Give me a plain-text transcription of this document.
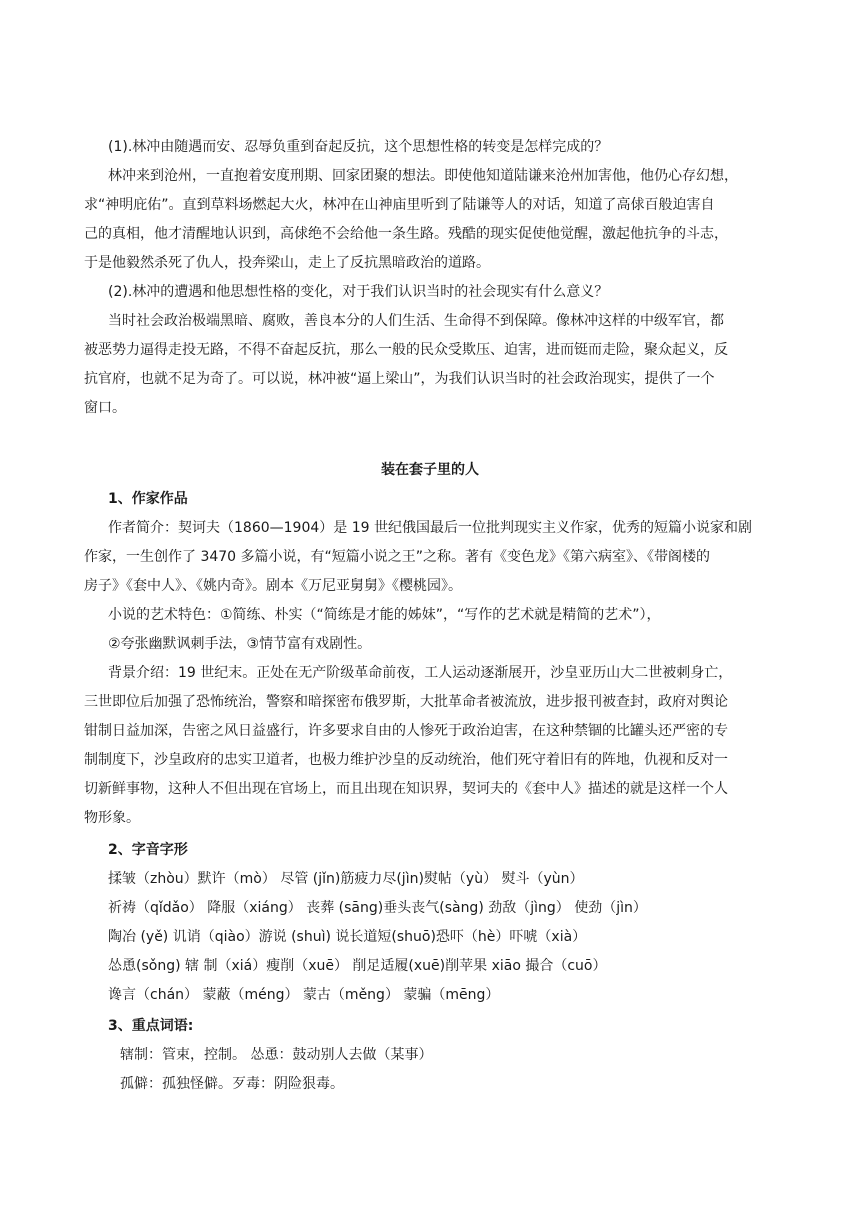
(1).林冲由随遇而安、忍辱负重到奋起反抗，这个思想性格的转变是怎样完成的？
林冲来到沧州，一直抱着安度刑期、回家团聚的想法。即使他知道陆谦来沧州加害他，他仍心存幻想，
求“神明庇佑”。直到草料场燃起大火，林冲在山神庙里听到了陆谦等人的对话，知道了高俅百般迫害自
己的真相，他才清醒地认识到，高俅绝不会给他一条生路。残酷的现实促使他觉醒，激起他抗争的斗志，
于是他毅然杀死了仇人，投奔梁山，走上了反抗黑暗政治的道路。
(2).林冲的遭遇和他思想性格的变化，对于我们认识当时的社会现实有什么意义？
当时社会政治极端黑暗、腐败，善良本分的人们生活、生命得不到保障。像林冲这样的中级军官，都
被恶势力逼得走投无路，不得不奋起反抗，那么一般的民众受欺压、迫害，进而铤而走险，聚众起义，反
抗官府，也就不足为奇了。可以说，林冲被“逼上梁山”，为我们认识当时的社会政治现实，提供了一个
窗口。
装在套子里的人
1、作家作品
作者简介：契诃夫（1860—1904）是 19 世纪俄国最后一位批判现实主义作家，优秀的短篇小说家和剧
作家，一生创作了 3470 多篇小说，有“短篇小说之王”之称。著有《变色龙》《第六病室》、《带阁楼的
房子》《套中人》、《姚内奇》。剧本《万尼亚舅舅》《樱桃园》。
小说的艺术特色：①简练、朴实（“简练是才能的姊妹”，“写作的艺术就是精简的艺术”），
②夸张幽默讽刺手法，③情节富有戏剧性。
背景介绍：19 世纪末。正处在无产阶级革命前夜，工人运动逐渐展开，沙皇亚历山大二世被刺身亡，
三世即位后加强了恐怖统治，警察和暗探密布俄罗斯，大批革命者被流放，进步报刊被查封，政府对舆论
钳制日益加深，告密之风日益盛行，许多要求自由的人惨死于政治迫害，在这种禁锢的比罐头还严密的专
制制度下，沙皇政府的忠实卫道者，也极力维护沙皇的反动统治，他们死守着旧有的阵地，仇视和反对一
切新鲜事物，这种人不但出现在官场上，而且出现在知识界，契诃夫的《套中人》描述的就是这样一个人
物形象。
2、字音字形
揉皱（zhòu）默许（mò） 尽管 (jǐn)筋疲力尽(jìn)熨帖（yù） 熨斗（yùn）
祈祷（qǐdǎo） 降服（xiáng） 丧葬 (sāng)垂头丧气(sàng) 劲敌（jìng） 使劲（jìn）
陶冶 (yě) 讥诮（qiào）游说 (shuì) 说长道短(shuō)恐吓（hè）吓唬（xià）
怂恿(sǒng) 辖 制（xiá）瘦削（xuē） 削足适履(xuē)削苹果 xiāo 撮合（cuō）
谗言（chán） 蒙蔽（méng） 蒙古（měng） 蒙骗（mēng）
3、重点词语:
辖制：管束，控制。 怂恿：鼓动别人去做（某事）
孤僻：孤独怪僻。歹毒：阴险狠毒。
